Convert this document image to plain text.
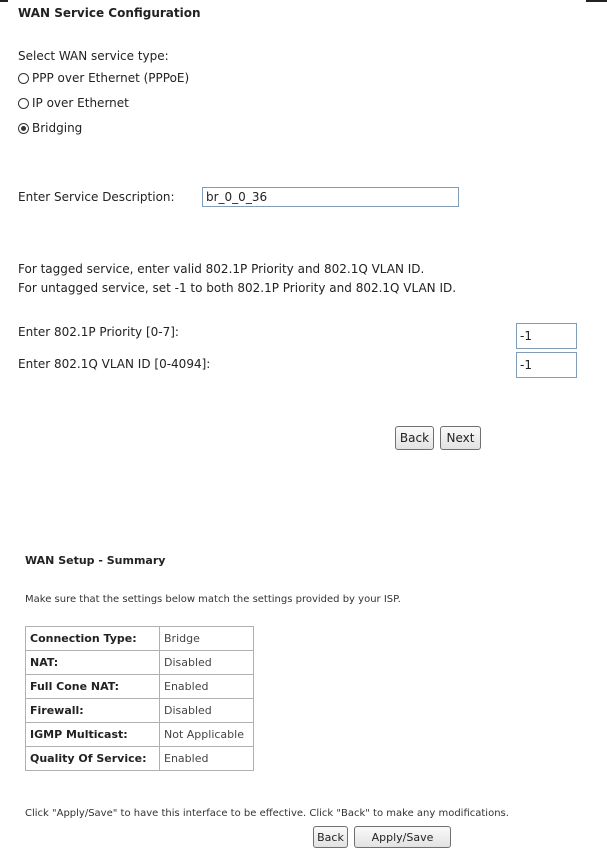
WAN Service Configuration
Select WAN service type:
PPP over Ethernet (PPPoE)
IP over Ethernet
Bridging
Enter Service Description:
br_0_0_36
For tagged service, enter valid 802.1P Priority and 802.1Q VLAN ID.
For untagged service, set -1 to both 802.1P Priority and 802.1Q VLAN ID.
Enter 802.1P Priority [0-7]:
-1
Enter 802.1Q VLAN ID [0-4094]:
-1
Back	Next
WAN Setup - Summary
Make sure that the settings below match the settings provided by your ISP.
Connection Type:	Bridge
NAT:	Disabled
Full Cone NAT:	Enabled
Firewall:	Disabled
IGMP Multicast:	Not Applicable
Quality Of Service:	Enabled
Click "Apply/Save" to have this interface to be effective. Click "Back" to make any modifications.
Back	Apply/Save
